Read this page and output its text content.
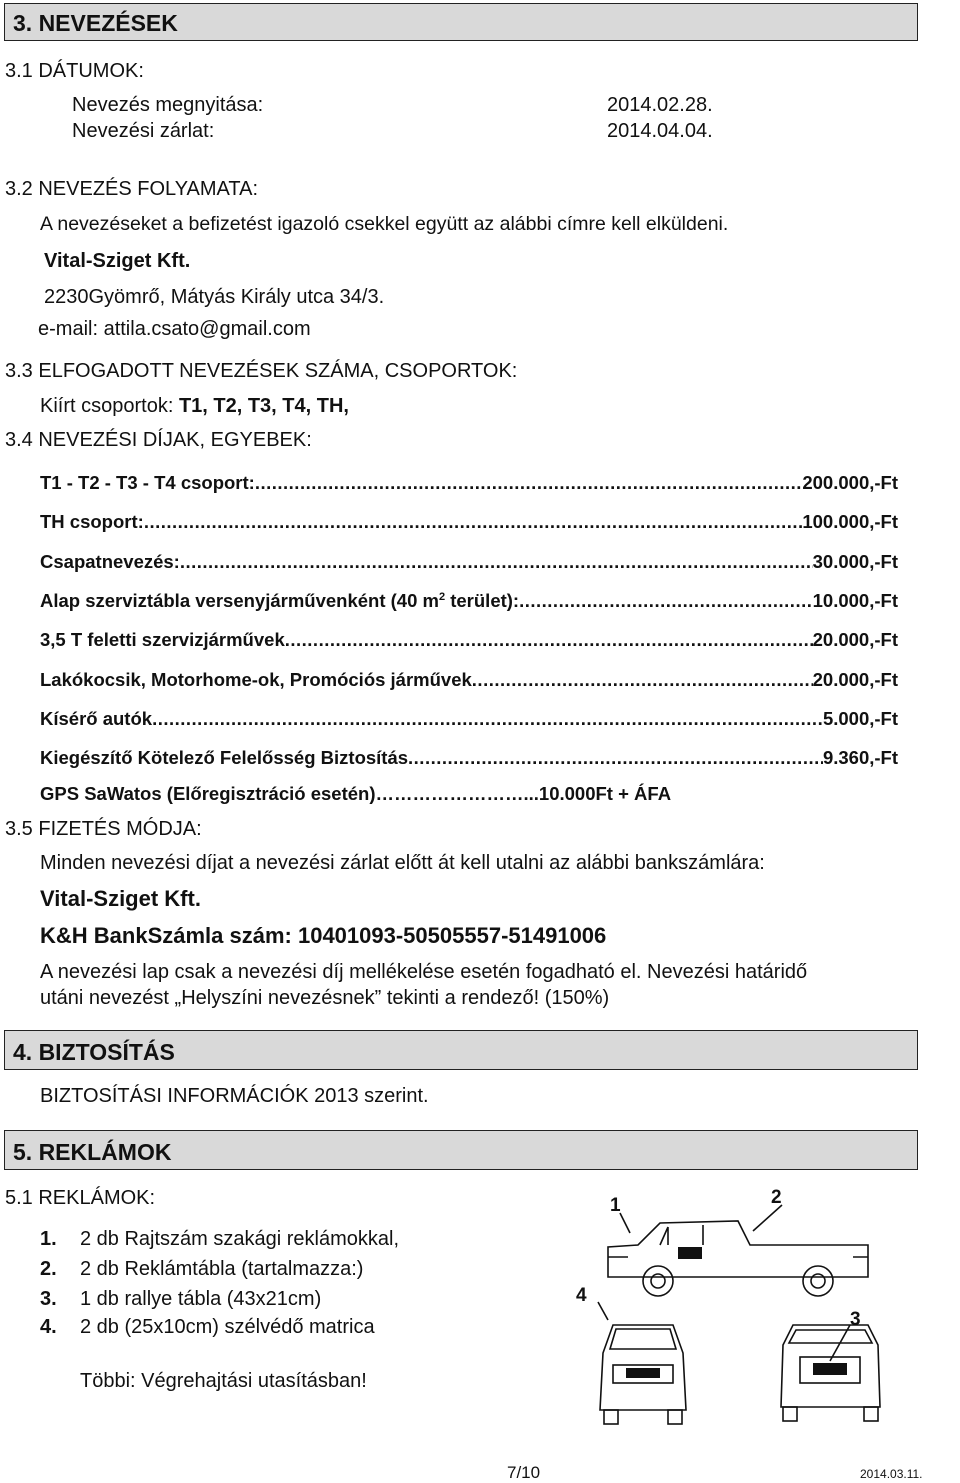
3. NEVEZÉSEK
3.1 DÁTUMOK:
Nevezés megnyitása:	2014.02.28.
Nevezési zárlat:	2014.04.04.
3.2 NEVEZÉS FOLYAMATA:
A nevezéseket a befizetést igazoló csekkel együtt az alábbi címre kell elküldeni.
Vital-Sziget Kft.
2230Gyömrő, Mátyás Király utca 34/3.
e-mail: attila.csato@gmail.com
3.3 ELFOGADOTT NEVEZÉSEK SZÁMA, CSOPORTOK:
Kiírt csoportok: T1, T2, T3, T4, TH,
3.4 NEVEZÉSI DÍJAK, EGYEBEK:
T1 - T2 - T3 - T4 csoport: .....	200.000,-Ft
TH csoport: .....	100.000,-Ft
Csapatnevezés: .....	30.000,-Ft
Alap szerviztábla versenyjárművenként (40 $m^2$ terület): .....	10.000,-Ft
3,5 T feletti szervizjárművek .....	20.000,-Ft
Lakókocsik, Motorhome-ok, Promóciós járművek .....	20.000,-Ft
Kísérő autók .....	5.000,-Ft
Kiegészítő Kötelező Felelősség Biztosítás .....	9.360,-Ft
GPS SaWatos (Előregisztráció esetén)……………………...10.000Ft + ÁFA
3.5 FIZETÉS MÓDJA:
Minden nevezési díjat a nevezési zárlat előtt át kell utalni az alábbi bankszámlára:
Vital-Sziget Kft.
K&H BankSzámla szám: 10401093-50505557-51491006
A nevezési lap csak a nevezési díj mellékelése esetén fogadható el. Nevezési határidő
utáni nevezést „Helyszíni nevezésnek” tekinti a rendező! (150%)
4. BIZTOSÍTÁS
BIZTOSÍTÁSI INFORMÁCIÓK 2013 szerint.
5. REKLÁMOK
5.1 REKLÁMOK:
1. 2 db Rajtszám szakági reklámokkal,
2. 2 db Reklámtábla (tartalmazza:)
3. 1 db rallye tábla (43x21cm)
4. 2 db (25x10cm) szélvédő matrica
Többi: Végrehajtási utasításban!
1	2
3
4
7/10	2014.03.11.
